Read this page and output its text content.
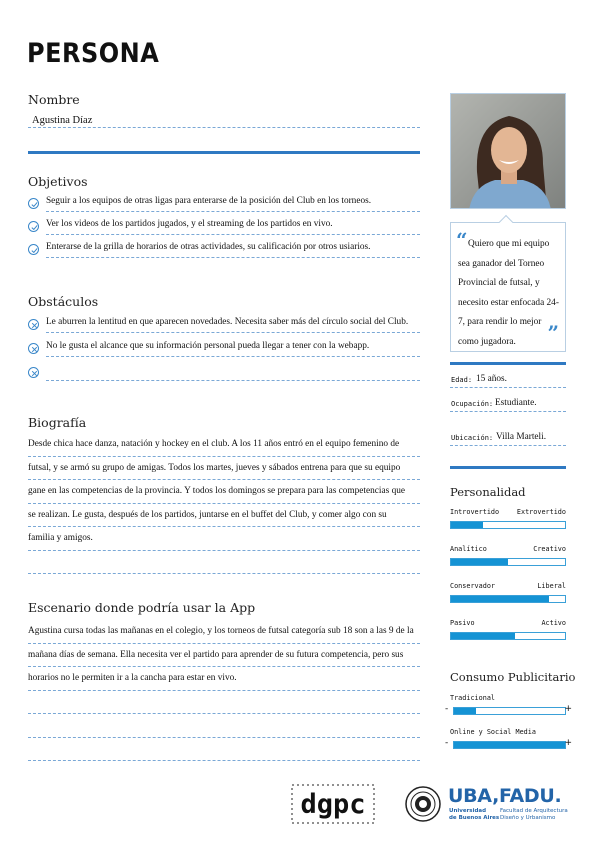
PERSONA
Nombre
Agustina Díaz
Objetivos
Seguir a los equipos de otras ligas para enterarse de la posición del Club en los torneos.
Ver los videos de los partidos jugados, y el streaming de los partidos en vivo.
Enterarse de la grilla de horarios de otras actividades, su calificación por otros usiarios.
Obstáculos
Le aburren la lentitud en que aparecen novedades. Necesita saber más del círculo social del Club.
No le gusta el alcance que su información personal pueda llegar a tener con la webapp.
Biografía
Desde chica hace danza, natación y hockey en el club. A los 11 años entró en el equipo femenino de
futsal, y se armó su grupo de amigas. Todos los martes, jueves y sábados entrena para que su equipo
gane en las competencias de la provincia. Y todos los domingos se prepara para las competencias que
se realizan. Le gusta, después de los partidos, juntarse en el buffet del Club, y comer algo con su
familia y amigos.
Escenario donde podría usar la App
Agustina cursa todas las mañanas en el colegio, y los torneos de futsal categoría sub 18 son a las 9 de la
mañana días de semana. Ella necesita ver el partido para aprender de su futura competencia, pero sus
horarios no le permiten ir a la cancha para estar en vivo.
“ Quiero que mi equipo sea ganador del Torneo Provincial de futsal, y necesito estar enfocada 24-7, para rendir lo mejor como jugadora.	”
Edad: 15 años.
Ocupación: Estudiante.
Ubicación: Villa Marteli.
Personalidad
Introvertido	Extrovertido
Analítico	Creativo
Conservador	Liberal
Pasivo	Activo
Consumo Publicitario
Tradicional
-	+
Online y Social Media
-	+
dgpc	UBA,FADU.
Universidad
de Buenos Aires
Facultad de Arquitectura
Diseño y Urbanismo
